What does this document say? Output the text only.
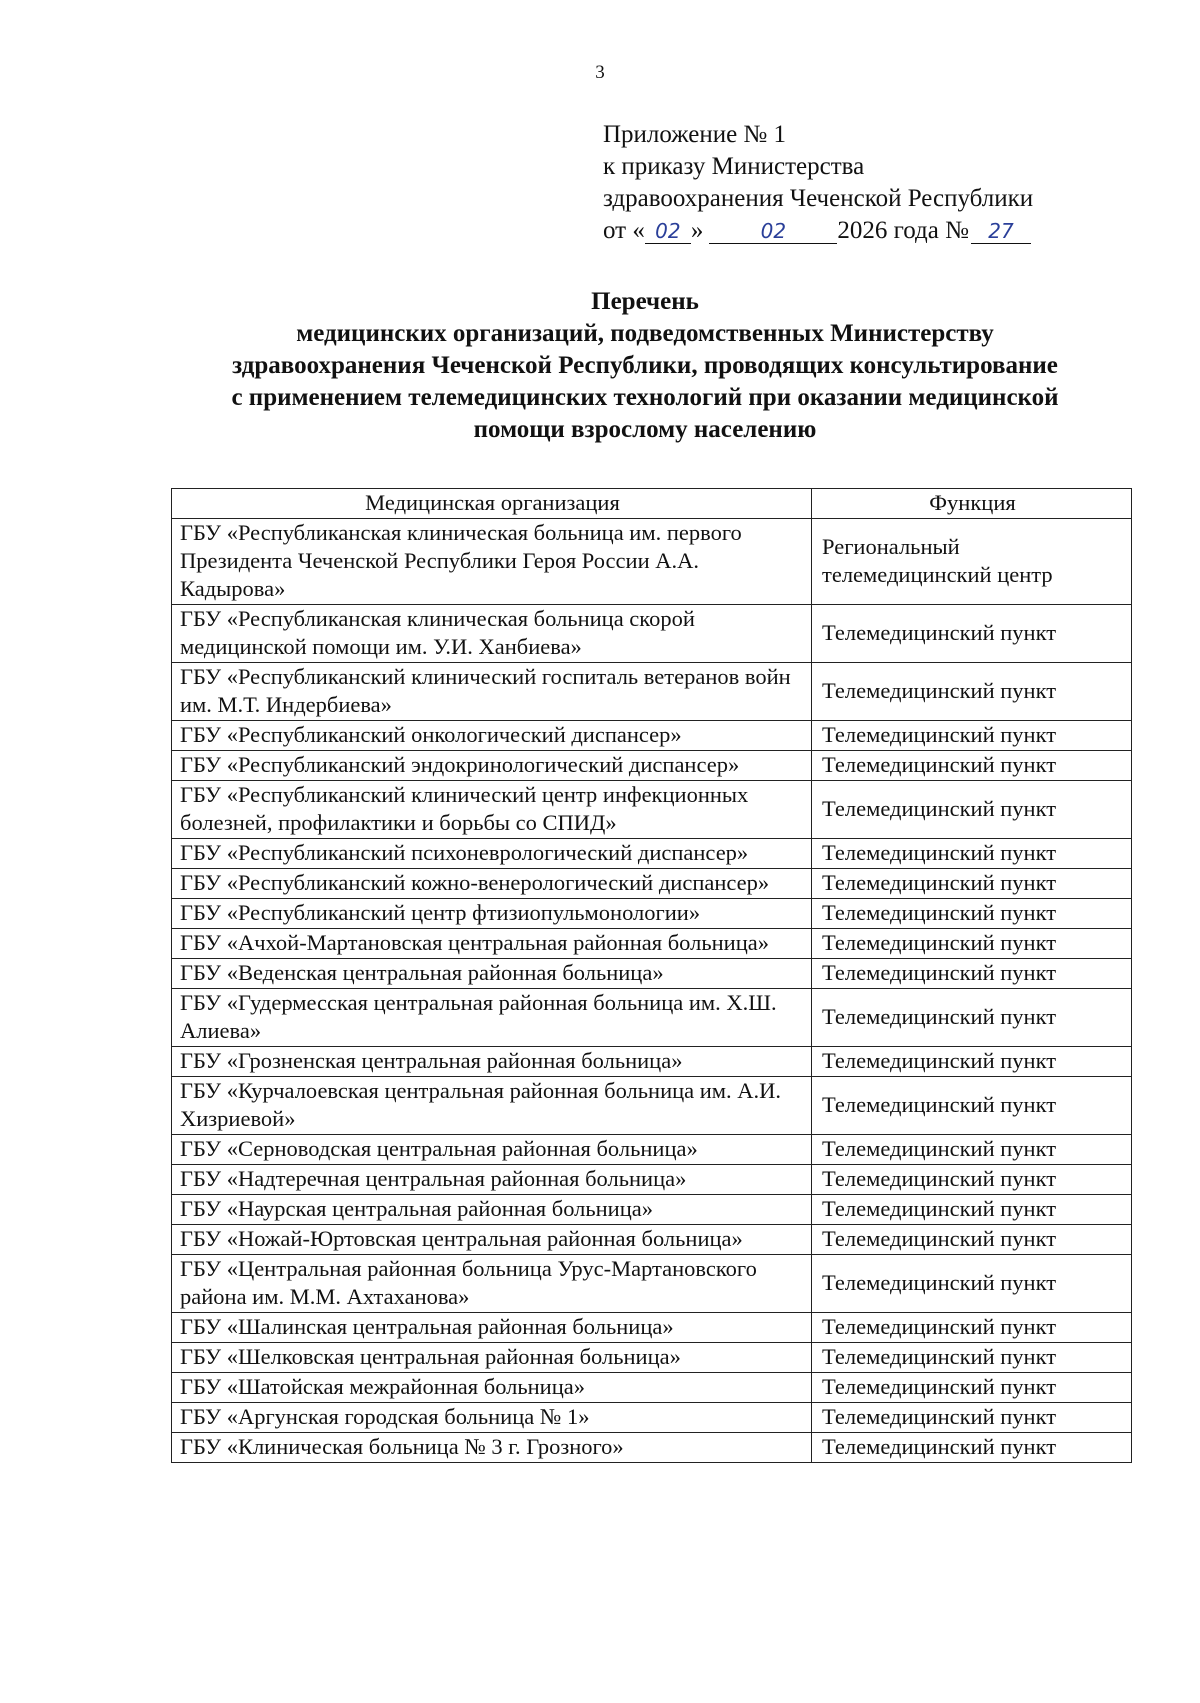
3
Приложение № 1
к приказу Министерства
здравоохранения Чеченской Республики
от « 02 »	02 2026 года № 27
Перечень
медицинских организаций, подведомственных Министерству
здравоохранения Чеченской Республики, проводящих консультирование
с применением телемедицинских технологий при оказании медицинской
помощи взрослому населению
Медицинская организация	Функция
ГБУ «Республиканская клиническая больница им. первого Президента Чеченской Республики Героя России А.А. Кадырова»	Региональный телемедицинский центр
ГБУ «Республиканская клиническая больница скорой медицинской помощи им. У.И. Ханбиева»	Телемедицинский пункт
ГБУ «Республиканский клинический госпиталь ветеранов войн им. М.Т. Индербиева»	Телемедицинский пункт
ГБУ «Республиканский онкологический диспансер»	Телемедицинский пункт
ГБУ «Республиканский эндокринологический диспансер»	Телемедицинский пункт
ГБУ «Республиканский клинический центр инфекционных болезней, профилактики и борьбы со СПИД»	Телемедицинский пункт
ГБУ «Республиканский психоневрологический диспансер»	Телемедицинский пункт
ГБУ «Республиканский кожно-венерологический диспансер»	Телемедицинский пункт
ГБУ «Республиканский центр фтизиопульмонологии»	Телемедицинский пункт
ГБУ «Ачхой-Мартановская центральная районная больница»	Телемедицинский пункт
ГБУ «Веденская центральная районная больница»	Телемедицинский пункт
ГБУ «Гудермесская центральная районная больница им. Х.Ш. Алиева»	Телемедицинский пункт
ГБУ «Грозненская центральная районная больница»	Телемедицинский пункт
ГБУ «Курчалоевская центральная районная больница им. А.И. Хизриевой»	Телемедицинский пункт
ГБУ «Серноводская центральная районная больница»	Телемедицинский пункт
ГБУ «Надтеречная центральная районная больница»	Телемедицинский пункт
ГБУ «Наурская центральная районная больница»	Телемедицинский пункт
ГБУ «Ножай-Юртовская центральная районная больница»	Телемедицинский пункт
ГБУ «Центральная районная больница Урус-Мартановского района им. М.М. Ахтаханова»	Телемедицинский пункт
ГБУ «Шалинская центральная районная больница»	Телемедицинский пункт
ГБУ «Шелковская центральная районная больница»	Телемедицинский пункт
ГБУ «Шатойская межрайонная больница»	Телемедицинский пункт
ГБУ «Аргунская городская больница № 1»	Телемедицинский пункт
ГБУ «Клиническая больница № 3 г. Грозного»	Телемедицинский пункт
